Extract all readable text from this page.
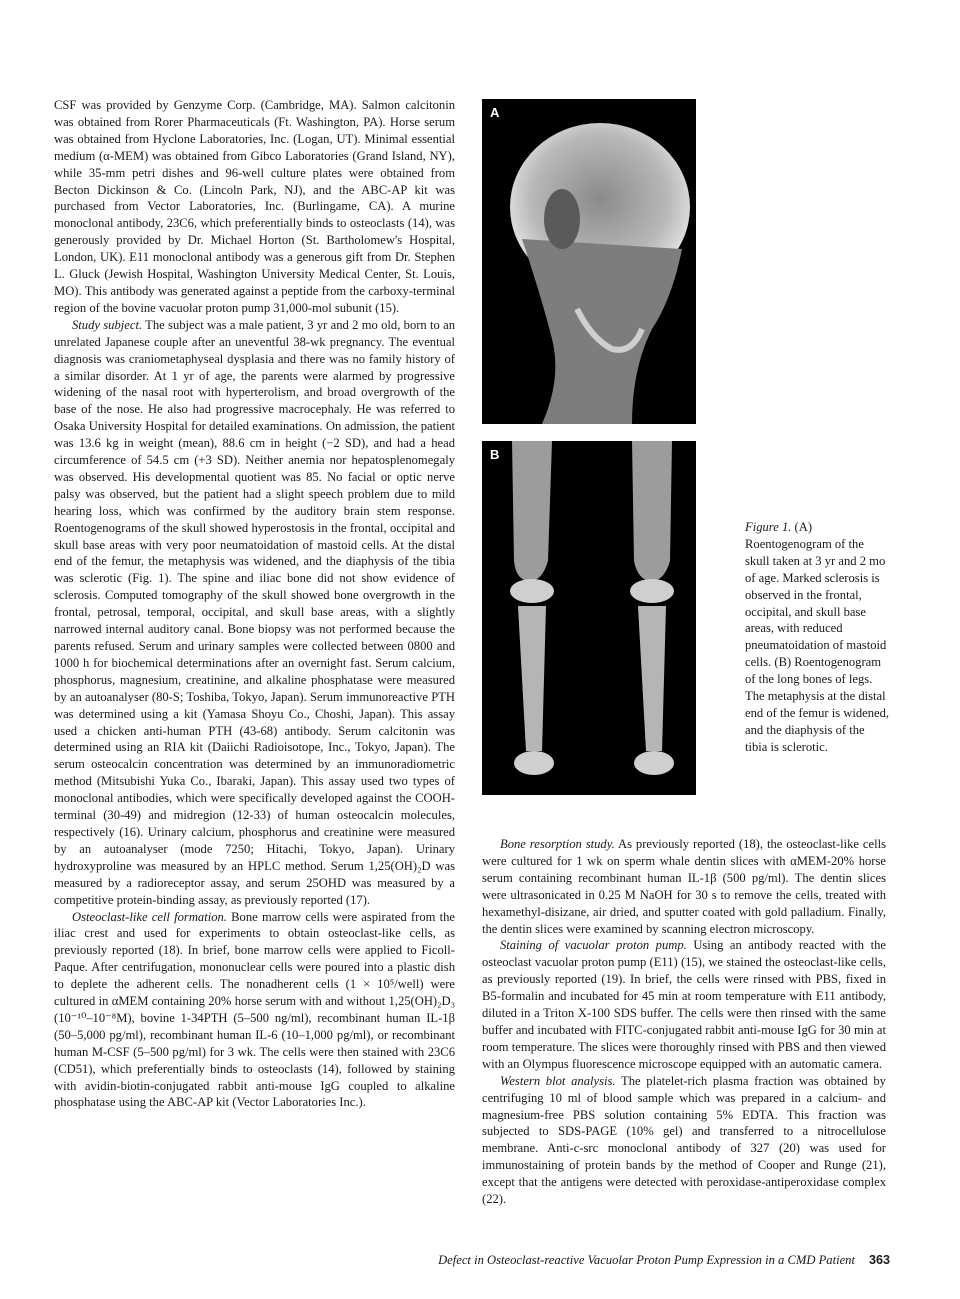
CSF was provided by Genzyme Corp. (Cambridge, MA). Salmon calcitonin was obtained from Rorer Pharmaceuticals (Ft. Washington, PA). Horse serum was obtained from Hyclone Laboratories, Inc. (Logan, UT). Minimal essential medium (α-MEM) was obtained from Gibco Laboratories (Grand Island, NY), while 35-mm petri dishes and 96-well culture plates were obtained from Becton Dickinson & Co. (Lincoln Park, NJ), and the ABC-AP kit was purchased from Vector Laboratories, Inc. (Burlingame, CA). A murine monoclonal antibody, 23C6, which preferentially binds to osteoclasts (14), was generously provided by Dr. Michael Horton (St. Bartholomew's Hospital, London, UK). E11 monoclonal antibody was a generous gift from Dr. Stephen L. Gluck (Jewish Hospital, Washington University Medical Center, St. Louis, MO). This antibody was generated against a peptide from the carboxy-terminal region of the bovine vacuolar proton pump 31,000-mol subunit (15).

Study subject. The subject was a male patient, 3 yr and 2 mo old, born to an unrelated Japanese couple after an uneventful 38-wk pregnancy. The eventual diagnosis was craniometaphyseal dysplasia and there was no family history of a similar disorder. At 1 yr of age, the parents were alarmed by progressive widening of the nasal root with hyperterolism, and broad overgrowth of the base of the nose. He also had progressive macrocephaly. He was referred to Osaka University Hospital for detailed examinations. On admission, the patient was 13.6 kg in weight (mean), 88.6 cm in height (−2 SD), and had a head circumference of 54.5 cm (+3 SD). Neither anemia nor hepatosplenomegaly was observed. His developmental quotient was 85. No facial or optic nerve palsy was observed, but the patient had a slight speech problem due to mild hearing loss, which was confirmed by the auditory brain stem response. Roentogenograms of the skull showed hyperostosis in the frontal, occipital and skull base areas with very poor neumatoidation of mastoid cells. At the distal end of the femur, the metaphysis was widened, and the diaphysis of the tibia was sclerotic (Fig. 1). The spine and iliac bone did not show evidence of sclerosis. Computed tomography of the skull showed bone overgrowth in the frontal, petrosal, temporal, occipital, and skull base areas, with a slightly narrowed internal auditory canal. Bone biopsy was not performed because the parents refused. Serum and urinary samples were collected between 0800 and 1000 h for biochemical determinations after an overnight fast. Serum calcium, phosphorus, magnesium, creatinine, and alkaline phosphatase were measured by an autoanalyser (80-S; Toshiba, Tokyo, Japan). Serum immunoreactive PTH was determined using a kit (Yamasa Shoyu Co., Choshi, Japan). This assay used a chicken anti-human PTH (43-68) antibody. Serum calcitonin was determined using an RIA kit (Daiichi Radioisotope, Inc., Tokyo, Japan). The serum osteocalcin concentration was determined by an immunoradiometric method (Mitsubishi Yuka Co., Ibaraki, Japan). This assay used two types of monoclonal antibodies, which were specifically developed against the COOH-terminal (30-49) and midregion (12-33) of human osteocalcin molecules, respectively (16). Urinary calcium, phosphorus and creatinine were measured by an autoanalyser (mode 7250; Hitachi, Tokyo, Japan). Urinary hydroxyproline was measured by an HPLC method. Serum 1,25(OH)₂D was measured by a radioreceptor assay, and serum 25OHD was measured by a competitive protein-binding assay, as previously reported (17).

Osteoclast-like cell formation. Bone marrow cells were aspirated from the iliac crest and used for experiments to obtain osteoclast-like cells, as previously reported (18). In brief, bone marrow cells were applied to Ficoll-Paque. After centrifugation, mononuclear cells were poured into a plastic dish to deplete the adherent cells. The nonadherent cells (1 × 10⁵/well) were cultured in αMEM containing 20% horse serum with and without 1,25(OH)₂D₃ (10⁻¹⁰–10⁻⁸M), bovine 1-34PTH (5–500 ng/ml), recombinant human IL-1β (50–5,000 pg/ml), recombinant human IL-6 (10–1,000 pg/ml), or recombinant human M-CSF (5–500 pg/ml) for 3 wk. The cells were then stained with 23C6 (CD51), which preferentially binds to osteoclasts (14), followed by staining with avidin-biotin-conjugated rabbit anti-mouse IgG coupled to alkaline phosphatase using the ABC-AP kit (Vector Laboratories Inc.).

A
B
Figure 1. (A) Roentogenogram of the skull taken at 3 yr and 2 mo of age. Marked sclerosis is observed in the frontal, occipital, and skull base areas, with reduced pneumatoidation of mastoid cells. (B) Roentogenogram of the long bones of legs. The metaphysis at the distal end of the femur is widened, and the diaphysis of the tibia is sclerotic.

Bone resorption study. As previously reported (18), the osteoclast-like cells were cultured for 1 wk on sperm whale dentin slices with αMEM-20% horse serum containing recombinant human IL-1β (500 pg/ml). The dentin slices were ultrasonicated in 0.25 M NaOH for 30 s to remove the cells, treated with hexamethyl-disizane, air dried, and sputter coated with gold palladium. Finally, the dentin slices were examined by scanning electron microscopy.

Staining of vacuolar proton pump. Using an antibody reacted with the osteoclast vacuolar proton pump (E11) (15), we stained the osteoclast-like cells, as previously reported (19). In brief, the cells were rinsed with PBS, fixed in B5-formalin and incubated for 45 min at room temperature with E11 antibody, diluted in a Triton X-100 SDS buffer. The cells were then rinsed with the same buffer and incubated with FITC-conjugated rabbit anti-mouse IgG for 30 min at room temperature. The slices were thoroughly rinsed with PBS and then viewed with an Olympus fluorescence microscope equipped with an automatic camera.

Western blot analysis. The platelet-rich plasma fraction was obtained by centrifuging 10 ml of blood sample which was prepared in a calcium- and magnesium-free PBS solution containing 5% EDTA. This fraction was subjected to SDS-PAGE (10% gel) and transferred to a nitrocellulose membrane. Anti-c-src monoclonal antibody of 327 (20) was used for immunostaining of protein bands by the method of Cooper and Runge (21), except that the antigens were detected with peroxidase-antiperoxidase complex (22).

Defect in Osteoclast-reactive Vacuolar Proton Pump Expression in a CMD Patient 363
